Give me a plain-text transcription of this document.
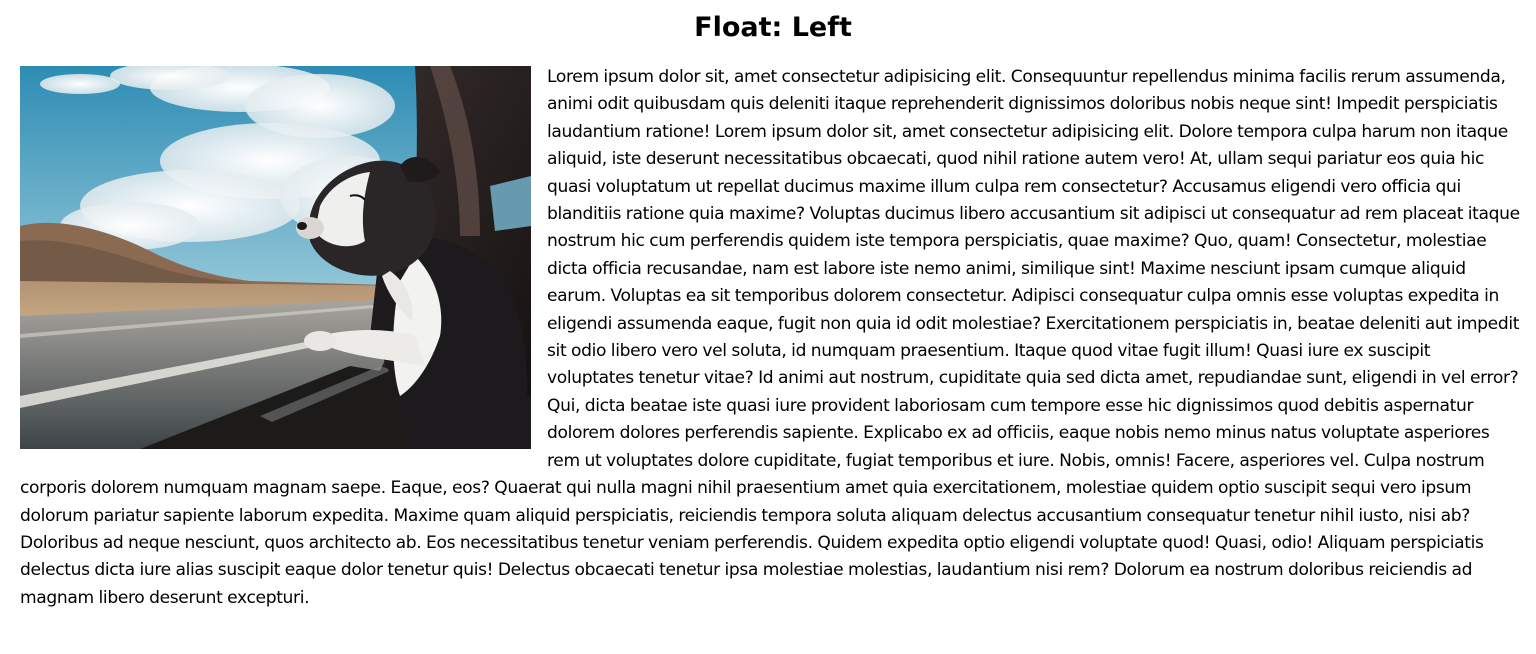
Float: Left

Lorem ipsum dolor sit, amet consectetur adipisicing elit. Consequuntur repellendus minima facilis rerum assumenda, animi odit quibusdam quis deleniti itaque reprehenderit dignissimos doloribus nobis neque sint! Impedit perspiciatis laudantium ratione! Lorem ipsum dolor sit, amet consectetur adipisicing elit. Dolore tempora culpa harum non itaque aliquid, iste deserunt necessitatibus obcaecati, quod nihil ratione autem vero! At, ullam sequi pariatur eos quia hic quasi voluptatum ut repellat ducimus maxime illum culpa rem consectetur? Accusamus eligendi vero officia qui blanditiis ratione quia maxime? Voluptas ducimus libero accusantium sit adipisci ut consequatur ad rem placeat itaque nostrum hic cum perferendis quidem iste tempora perspiciatis, quae maxime? Quo, quam! Consectetur, molestiae dicta officia recusandae, nam est labore iste nemo animi, similique sint! Maxime nesciunt ipsam cumque aliquid earum. Voluptas ea sit temporibus dolorem consectetur. Adipisci consequatur culpa omnis esse voluptas expedita in eligendi assumenda eaque, fugit non quia id odit molestiae? Exercitationem perspiciatis in, beatae deleniti aut impedit sit odio libero vero vel soluta, id numquam praesentium. Itaque quod vitae fugit illum! Quasi iure ex suscipit voluptates tenetur vitae? Id animi aut nostrum, cupiditate quia sed dicta amet, repudiandae sunt, eligendi in vel error? Qui, dicta beatae iste quasi iure provident laboriosam cum tempore esse hic dignissimos quod debitis aspernatur dolorem dolores perferendis sapiente. Explicabo ex ad officiis, eaque nobis nemo minus natus voluptate asperiores rem ut voluptates dolore cupiditate, fugiat temporibus et iure. Nobis, omnis! Facere, asperiores vel. Culpa nostrum corporis dolorem numquam magnam saepe. Eaque, eos? Quaerat qui nulla magni nihil praesentium amet quia exercitationem, molestiae quidem optio suscipit sequi vero ipsum dolorum pariatur sapiente laborum expedita. Maxime quam aliquid perspiciatis, reiciendis tempora soluta aliquam delectus accusantium consequatur tenetur nihil iusto, nisi ab? Doloribus ad neque nesciunt, quos architecto ab. Eos necessitatibus tenetur veniam perferendis. Quidem expedita optio eligendi voluptate quod! Quasi, odio! Aliquam perspiciatis delectus dicta iure alias suscipit eaque dolor tenetur quis! Delectus obcaecati tenetur ipsa molestiae molestias, laudantium nisi rem? Dolorum ea nostrum doloribus reiciendis ad magnam libero deserunt excepturi.
